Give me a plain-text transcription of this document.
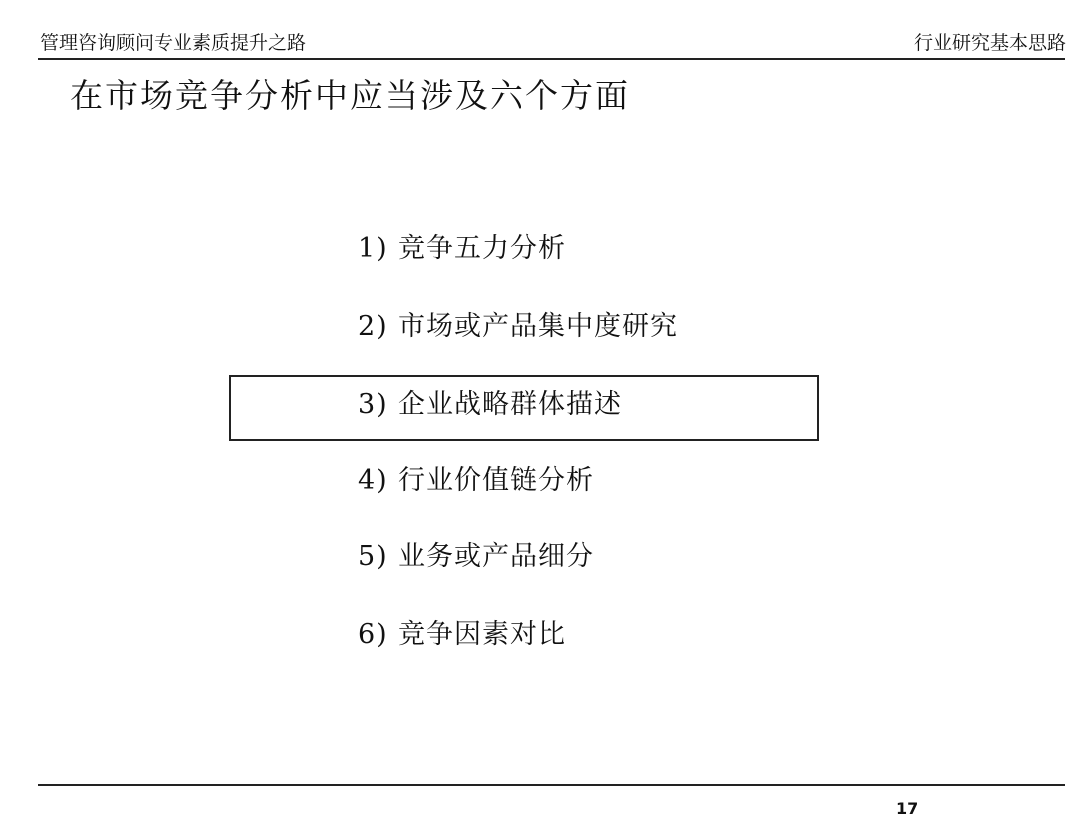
管理咨询顾问专业素质提升之路	行业研究基本思路
在市场竞争分析中应当涉及六个方面
1) 竞争五力分析
2) 市场或产品集中度研究
3) 企业战略群体描述
4) 行业价值链分析
5) 业务或产品细分
6) 竞争因素对比
17
